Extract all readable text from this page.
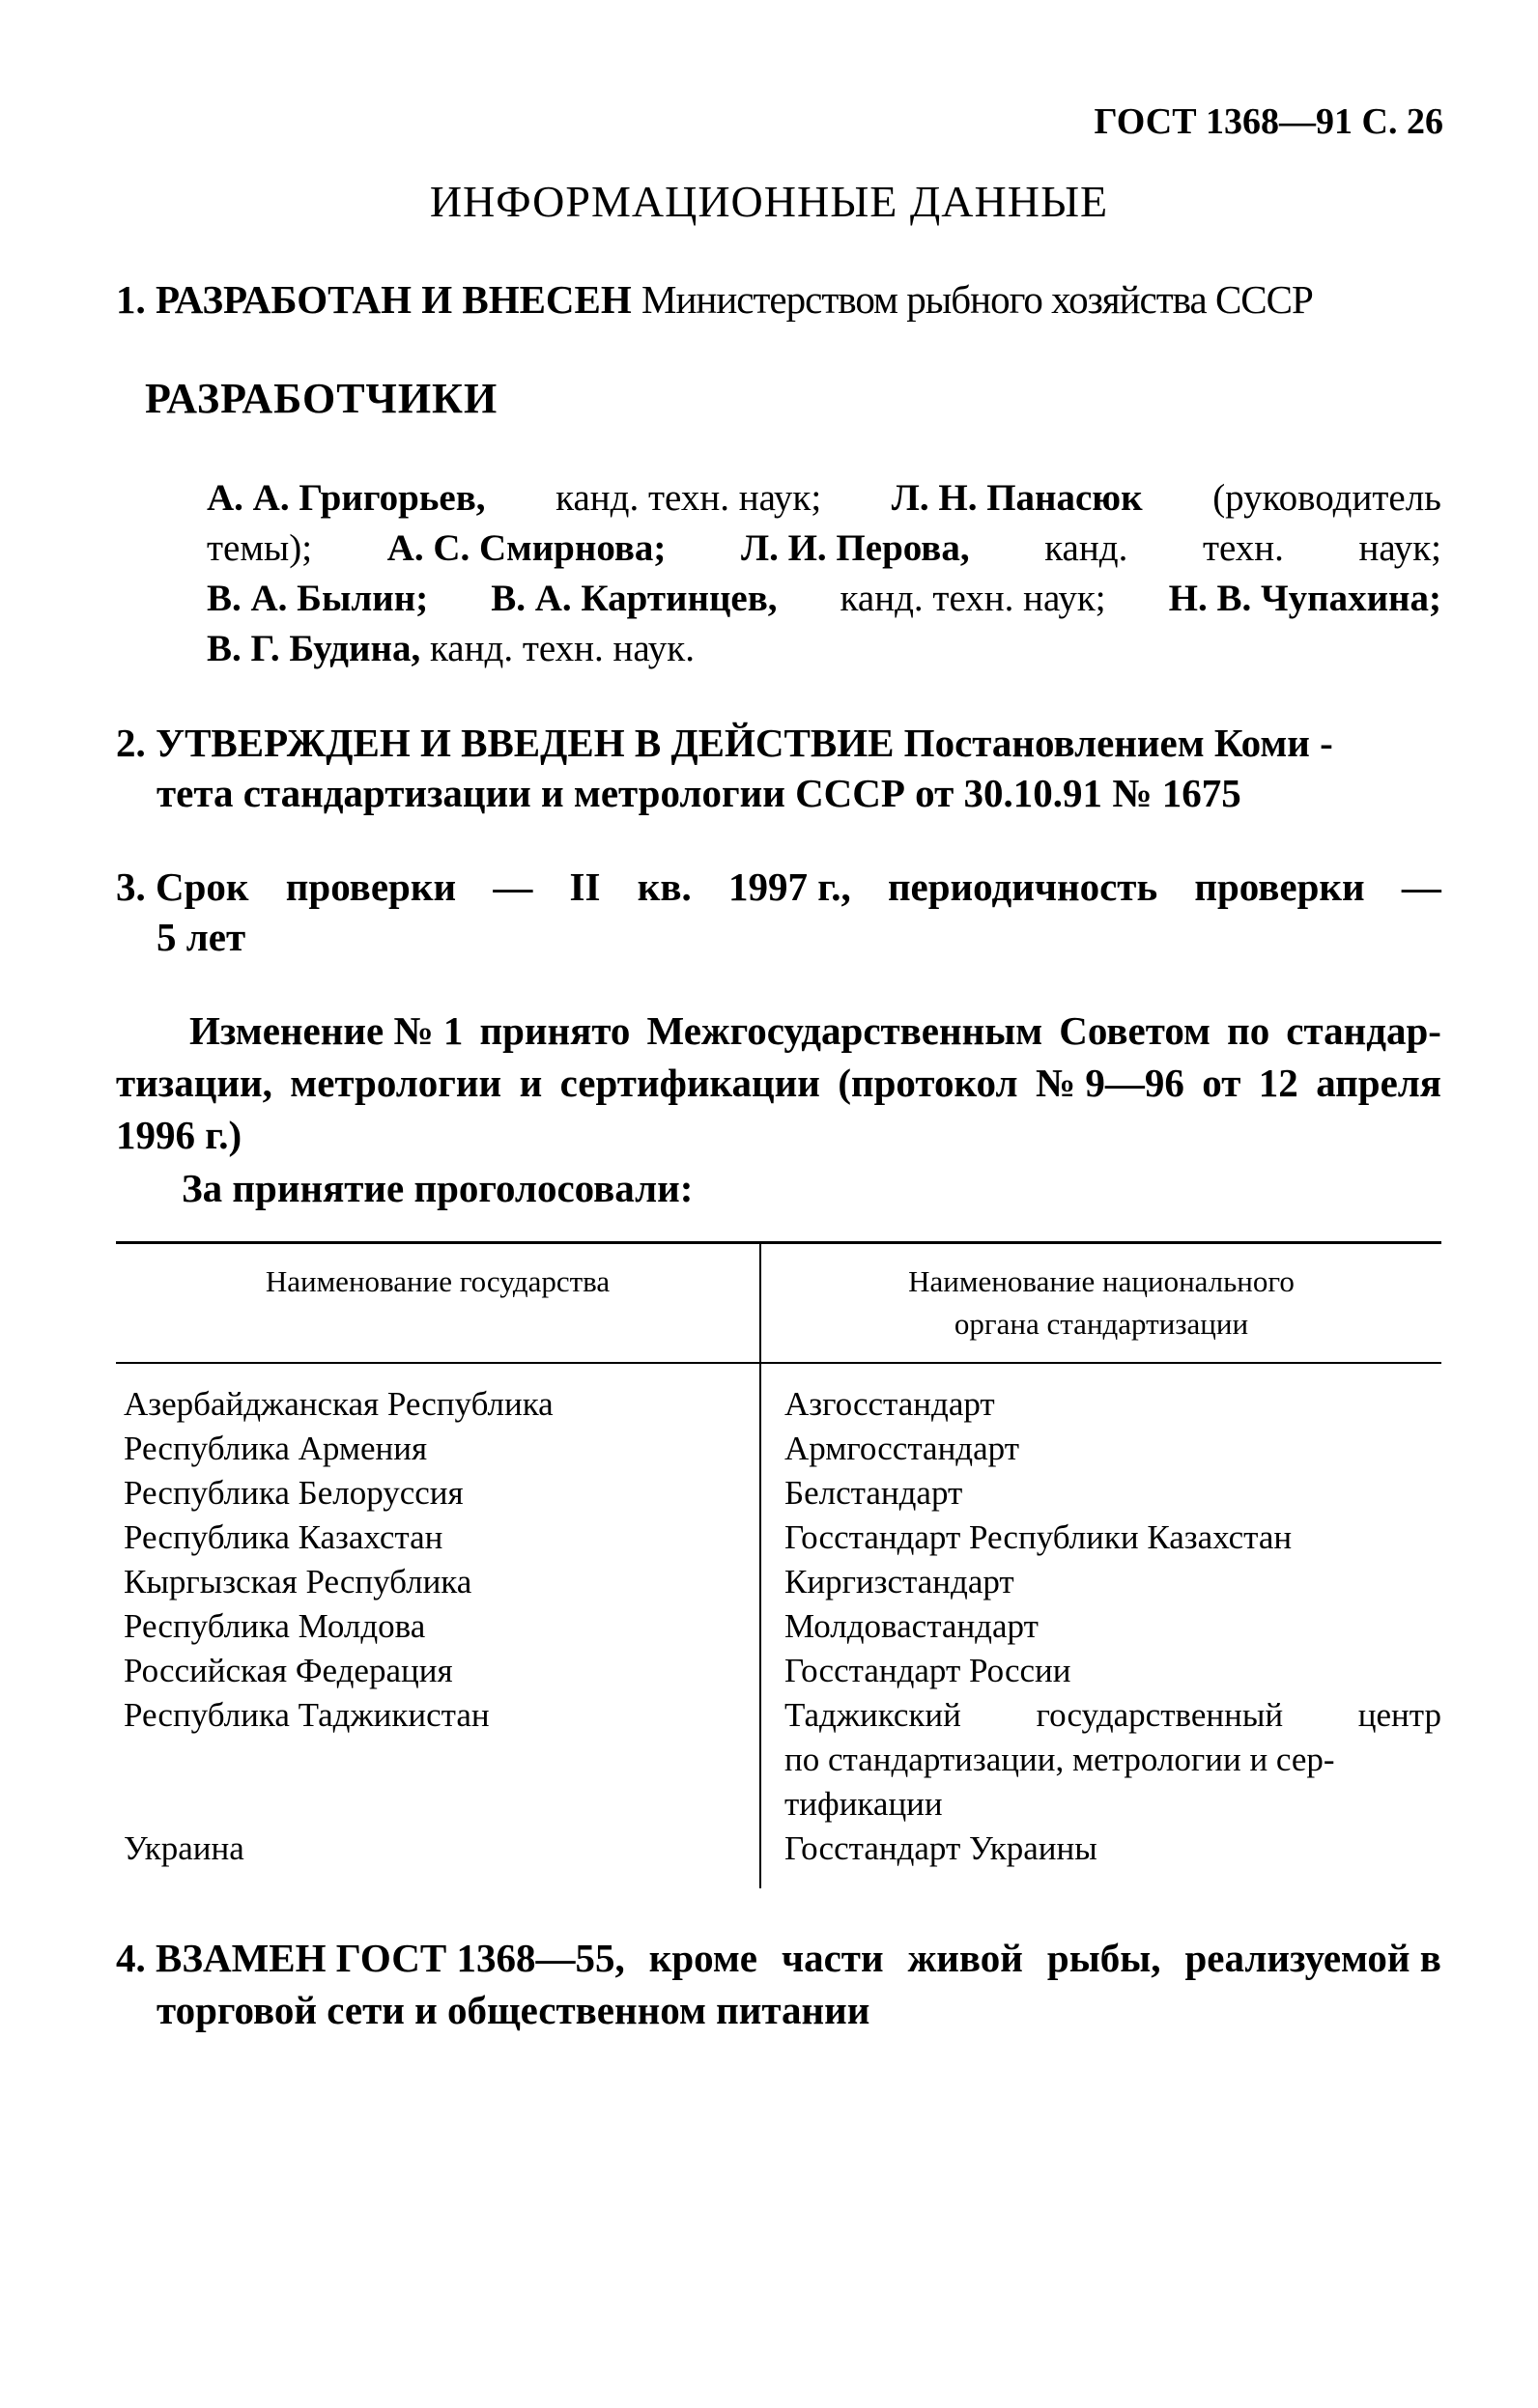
ГОСТ 1368—91 С. 26
ИНФОРМАЦИОННЫЕ ДАННЫЕ
1. РАЗРАБОТАН И ВНЕСЕН Министерством рыбного хозяйства СССР
РАЗРАБОТЧИКИ
А. А. Григорьев, канд. техн. наук; Л. Н. Панасюк (руководитель
темы); А. С. Смирнова; Л. И. Перова, канд. техн. наук;
В. А. Былин; В. А. Картинцев, канд. техн. наук; Н. В. Чупахина;
В. Г. Будина,
канд. техн. наук.
2. УТВЕРЖДЕН И ВВЕДЕН В ДЕЙСТВИЕ Постановлением Коми -
тета стандартизации и метрологии СССР от 30.10.91 № 1675
3. Срок проверки — II кв. 1997 г., периодичность проверки —
5 лет
Изменение № 1 принято Межгосударственным Советом по стандар-
тизации, метрологии и сертификации (протокол № 9—96 от 12 апреля
1996 г.)
За принятие проголосовали:
Наименование государства	Наименование национального
органа стандартизации
Азербайджанская Республика
Республика Армения
Республика Белоруссия
Республика Казахстан
Кыргызская Республика
Республика Молдова
Российская Федерация
Республика Таджикистан
Украина
Азгосстандарт
Армгосстандарт
Белстандарт
Госстандарт Республики Казахстан
Киргизстандарт
Молдовастандарт
Госстандарт России
Таджикский государственный центр
по стандартизации, метрологии и сер-
тификации
Госстандарт Украины
4. ВЗАМЕН ГОСТ 1368—55, кроме части живой рыбы, реализуемой в
торговой сети и общественном питании
